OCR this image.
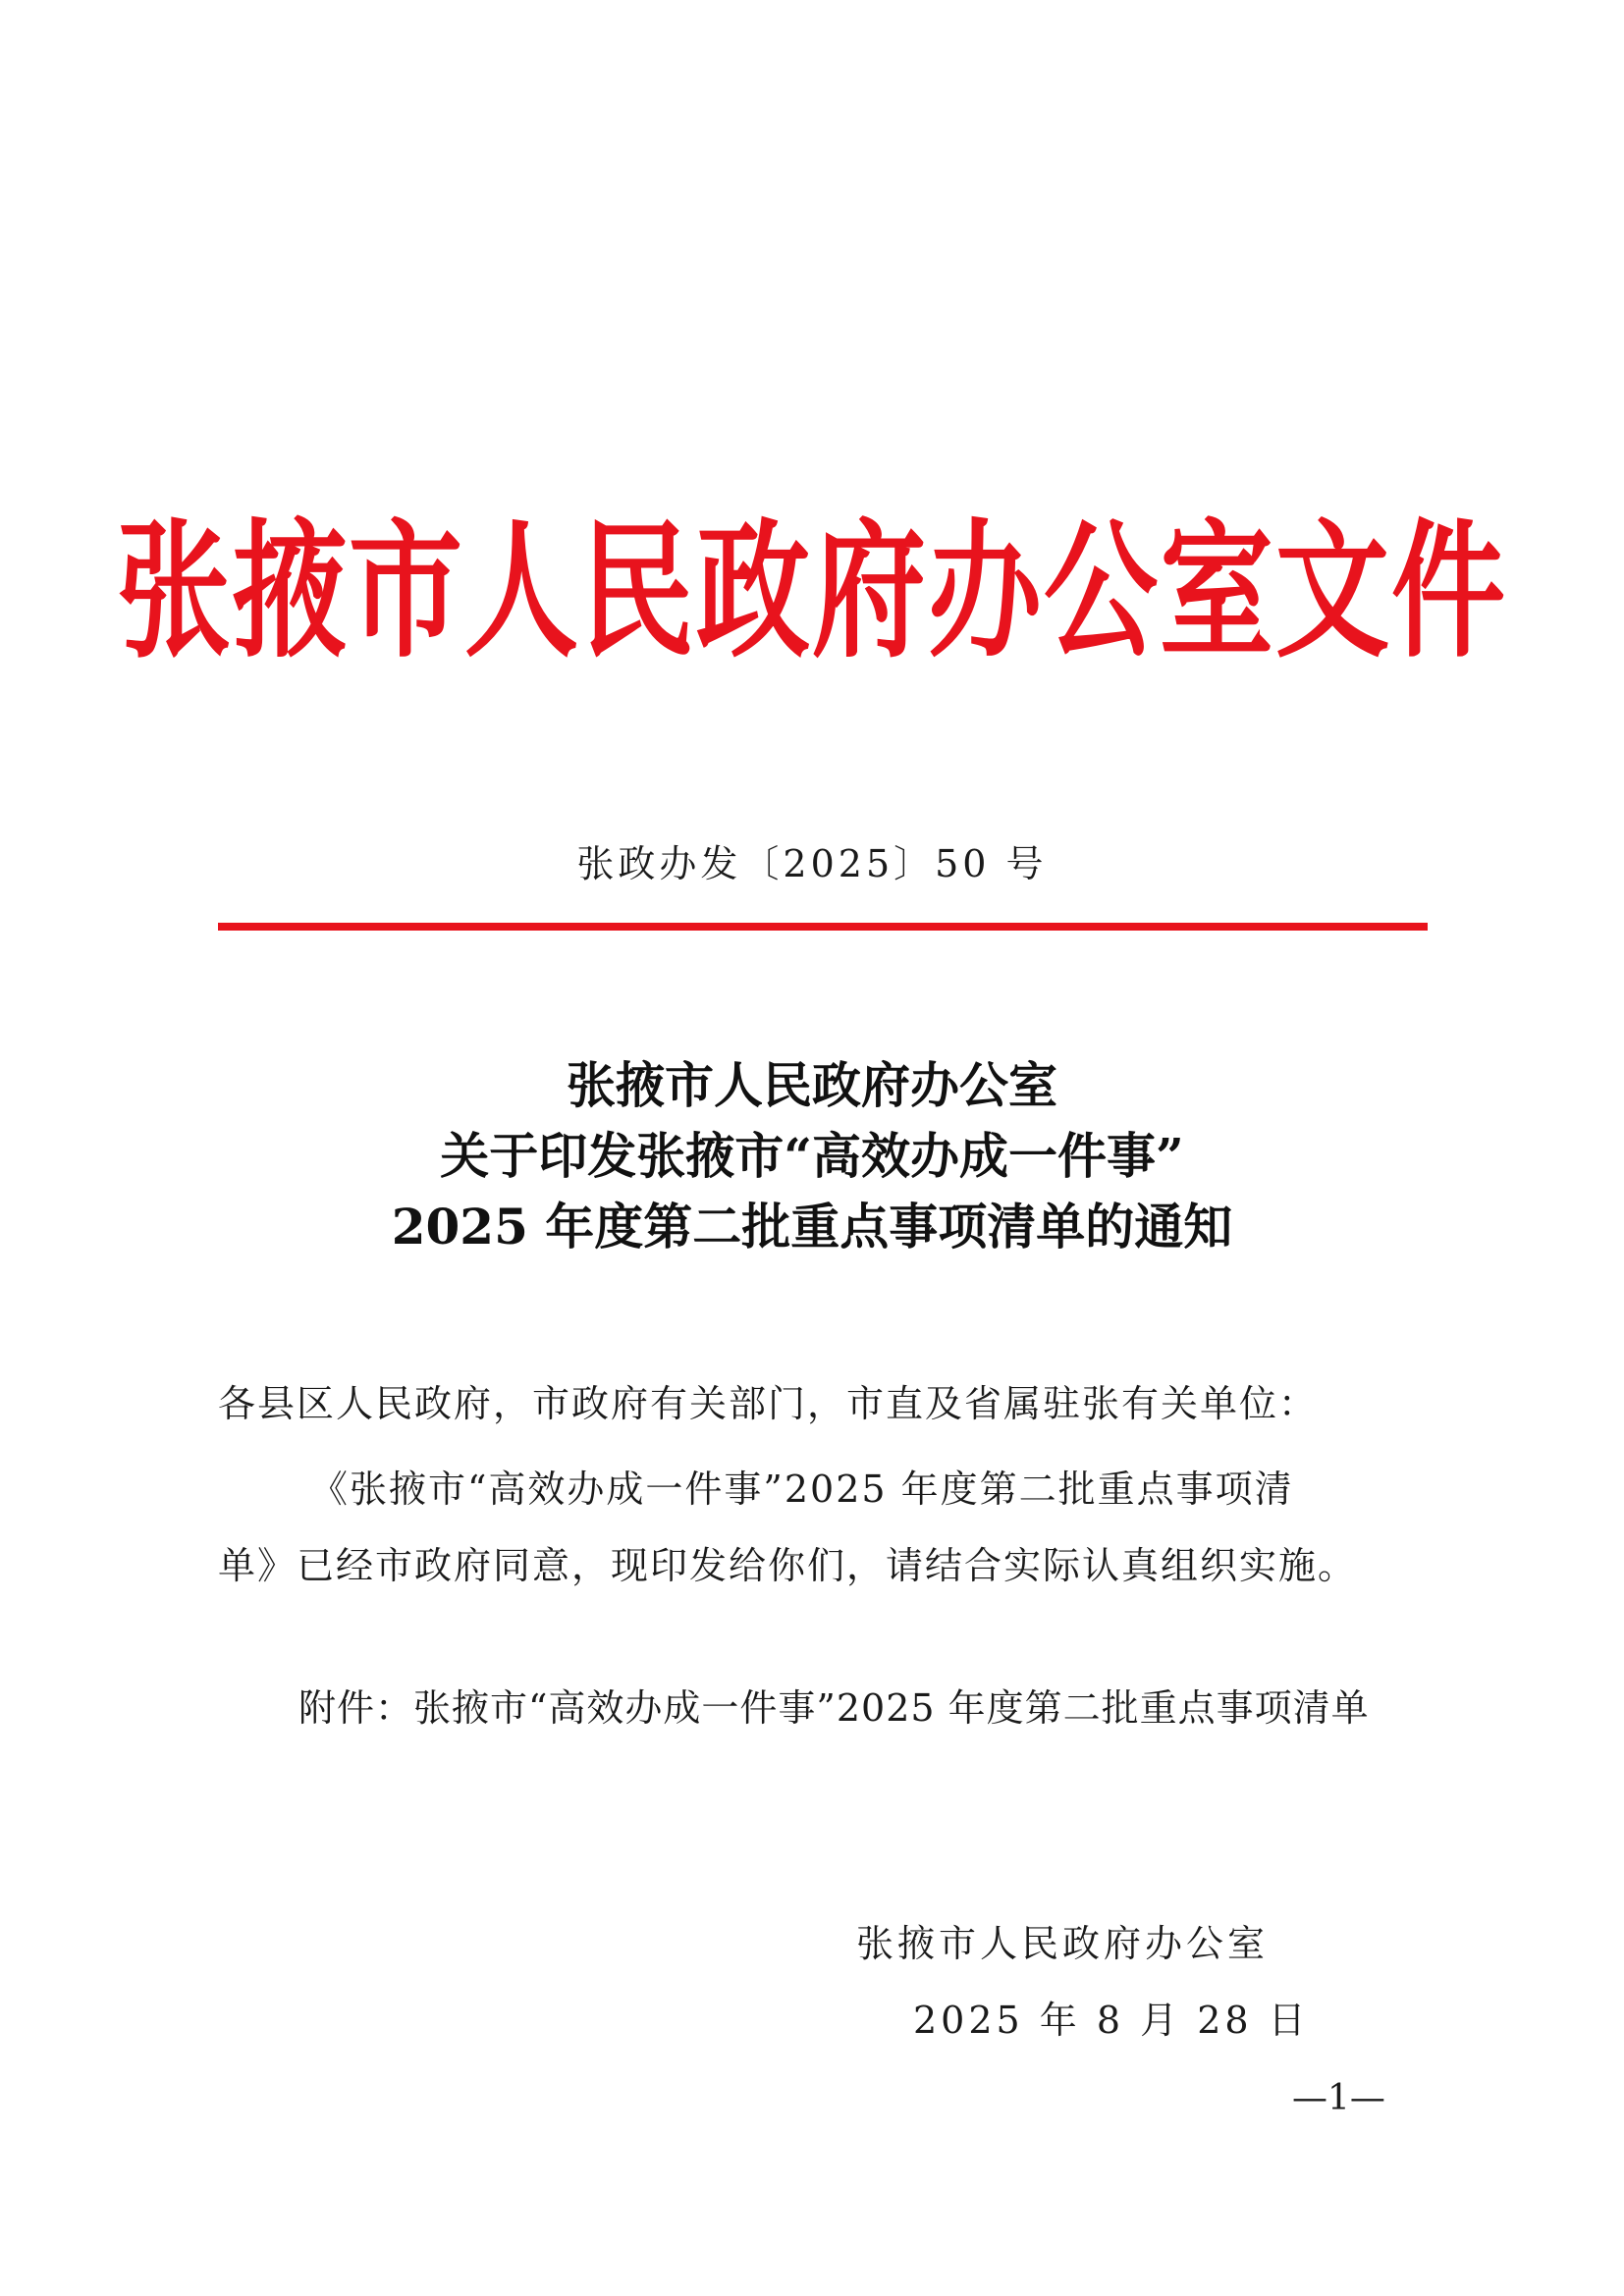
张掖市人民政府办公室文件
张政办发〔2025〕50 号
张掖市人民政府办公室
关于印发张掖市“高效办成一件事”
2025 年度第二批重点事项清单的通知
各县区人民政府，市政府有关部门，市直及省属驻张有关单位：
《张掖市“高效办成一件事”2025 年度第二批重点事项清
单》已经市政府同意，现印发给你们，请结合实际认真组织实施。
附件：张掖市“高效办成一件事”2025 年度第二批重点事项清单
张掖市人民政府办公室
2025 年 8 月 28 日
—1—
